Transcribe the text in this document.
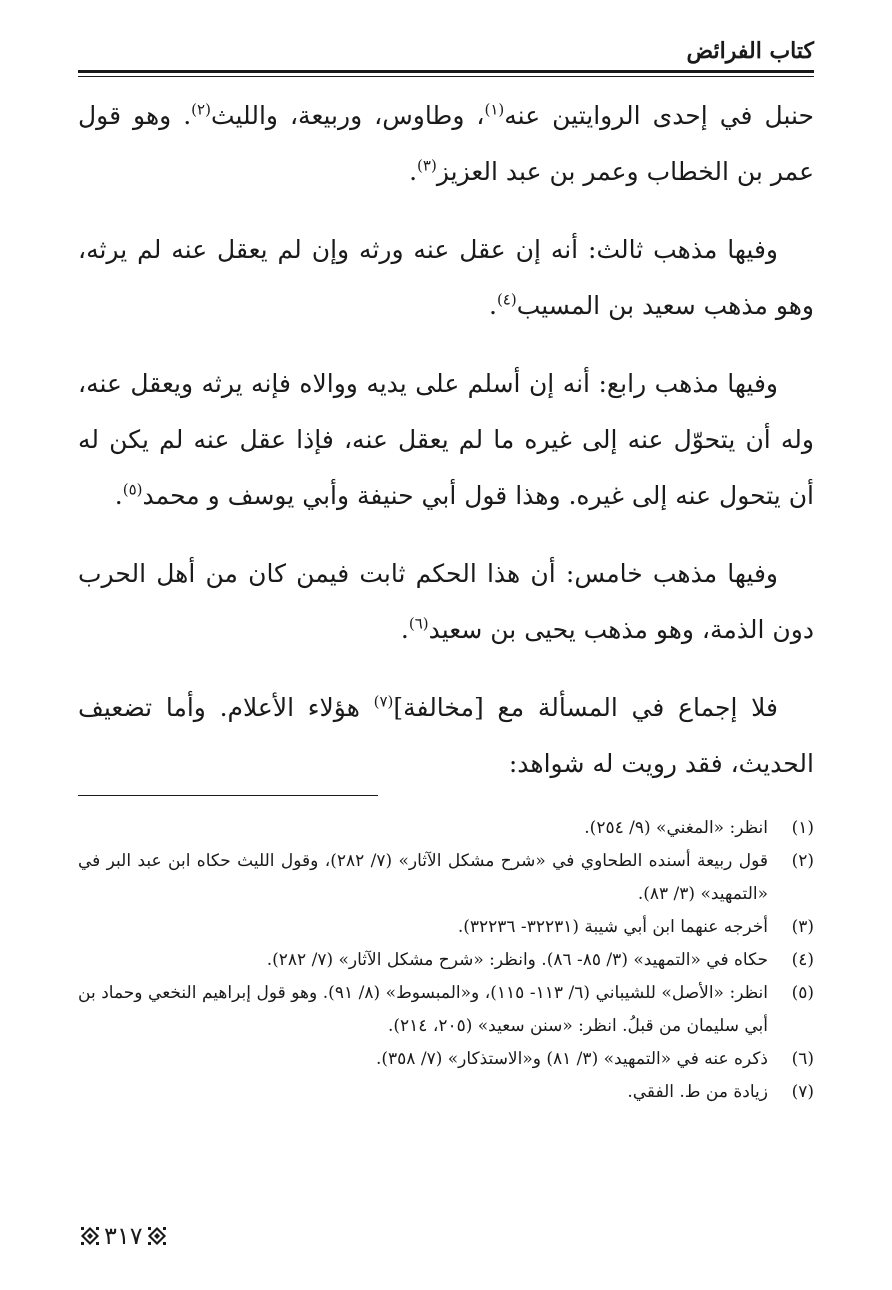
كتاب الفرائض

حنبل في إحدى الروايتين عنه$^{(١)}$، وطاوس، وربيعة، والليث$^{(٢)}$. وهو قول عمر بن الخطاب وعمر بن عبد العزيز$^{(٣)}$.

وفيها مذهب ثالث: أنه إن عقل عنه ورثه وإن لم يعقل عنه لم يرثه، وهو مذهب سعيد بن المسيب$^{(٤)}$.

وفيها مذهب رابع: أنه إن أسلم على يديه ووالاه فإنه يرثه ويعقل عنه، وله أن يتحوّل عنه إلى غيره ما لم يعقل عنه، فإذا عقل عنه لم يكن له أن يتحول عنه إلى غيره. وهذا قول أبي حنيفة وأبي يوسف و محمد$^{(٥)}$.

وفيها مذهب خامس: أن هذا الحكم ثابت فيمن كان من أهل الحرب دون الذمة، وهو مذهب يحيى بن سعيد$^{(٦)}$.

فلا إجماع في المسألة مع [مخالفة]$^{(٧)}$ هؤلاء الأعلام. وأما تضعيف الحديث، فقد رويت له شواهد:

(١)
انظر: «المغني» (٩/ ٢٥٤).
(٢)
قول ربيعة أسنده الطحاوي في «شرح مشكل الآثار» (٧/ ٢٨٢)، وقول الليث حكاه ابن عبد البر في «التمهيد» (٣/ ٨٣).
(٣)
أخرجه عنهما ابن أبي شيبة (٣٢٢٣١- ٣٢٢٣٦).
(٤)
حكاه في «التمهيد» (٣/ ٨٥- ٨٦). وانظر: «شرح مشكل الآثار» (٧/ ٢٨٢).
(٥)
انظر: «الأصل» للشيباني (٦/ ١١٣- ١١٥)، و«المبسوط» (٨/ ٩١). وهو قول إبراهيم النخعي وحماد بن أبي سليمان من قبلُ. انظر: «سنن سعيد» (٢٠٥، ٢١٤).
(٦)
ذكره عنه في «التمهيد» (٣/ ٨١) و«الاستذكار» (٧/ ٣٥٨).
(٧)
زيادة من ط. الفقي.
٣١٧
